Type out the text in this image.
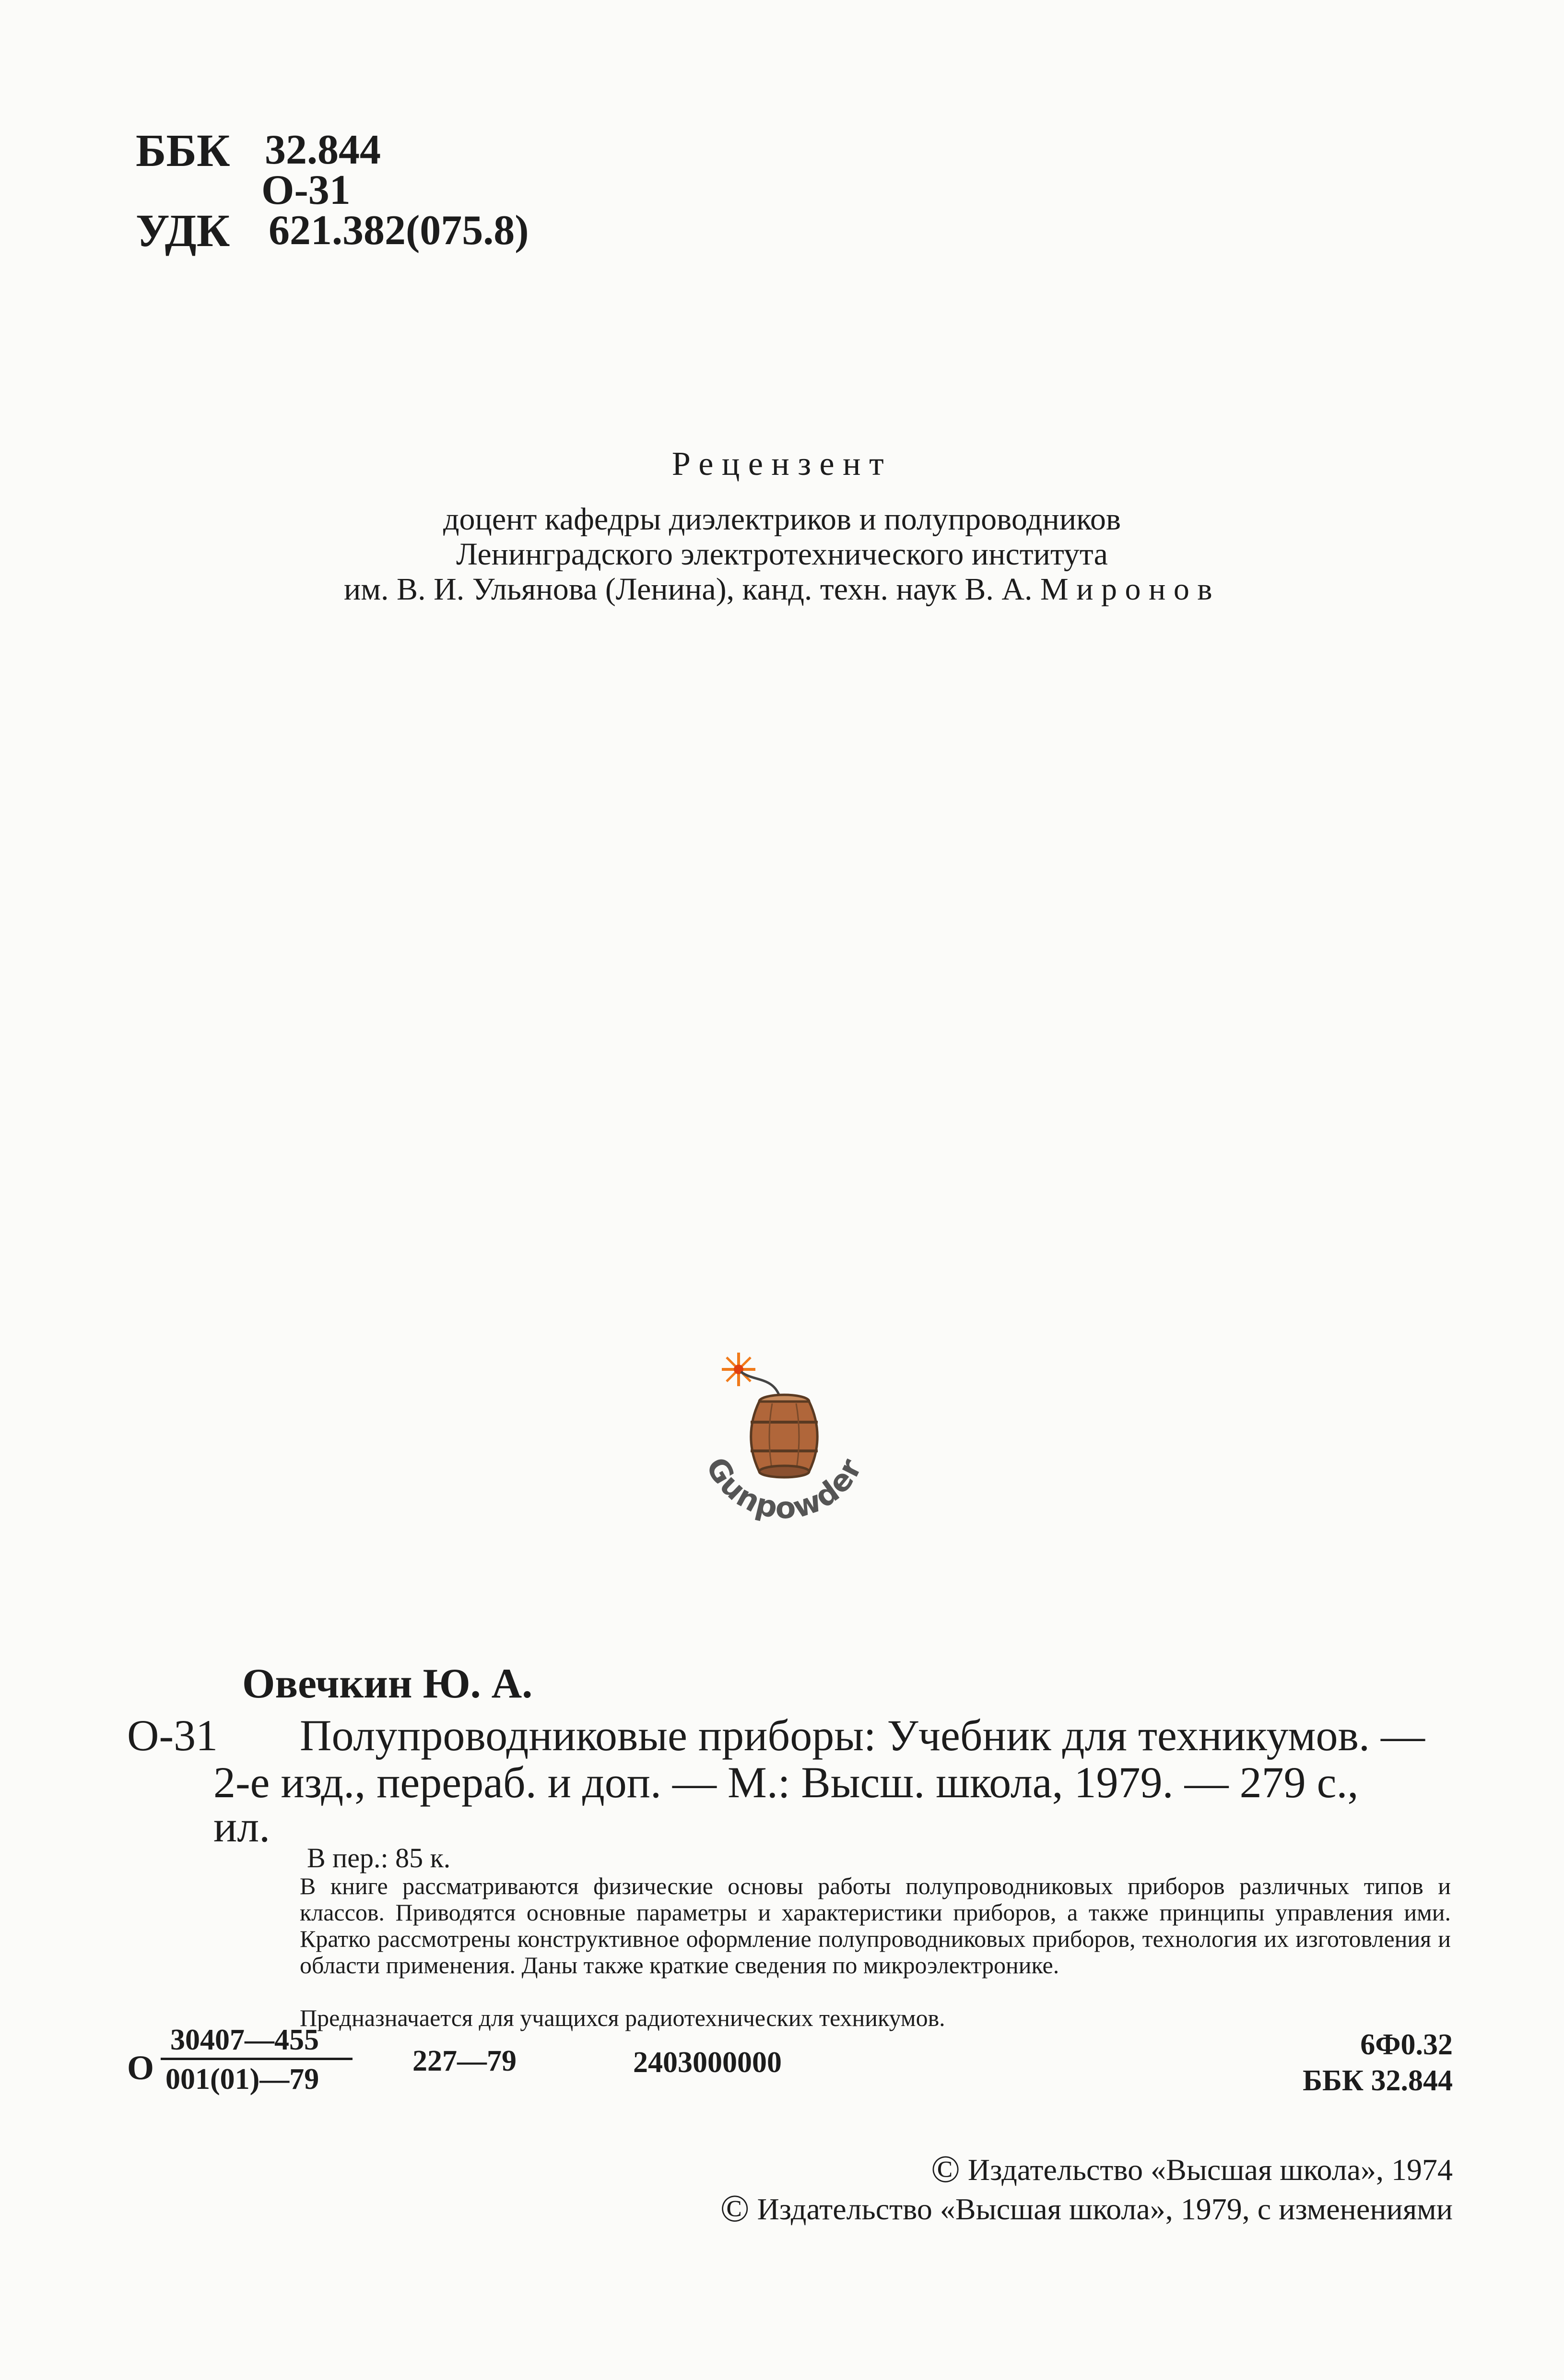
ББК 32.844
О-31
УДК 621.382(075.8)
Рецензент
доцент кафедры диэлектриков и полупроводников
Ленинградского электротехнического института
им. В. И. Ульянова (Ленина), канд. техн. наук В. А. Миронов
Gunpowder
Овечкин Ю. А.
О-31 Полупроводниковые приборы: Учебник для техникумов. —
2-е изд., перераб. и доп. — М.: Высш. школа, 1979. — 279 с.,
ил.
В пер.: 85 к.
В книге рассматриваются физические основы работы полупроводниковых приборов различных типов и классов. Приводятся основные параметры и характеристики приборов, а также принципы управления ими. Кратко рассмотрены конструктивное оформление полупроводниковых приборов, технология их изготовления и области применения. Даны также краткие сведения по микроэлектронике.
Предназначается для учащихся радиотехнических техникумов.
О
30407—455
001(01)—79
227—79	2403000000
6Ф0.32
ББК 32.844
© Издательство «Высшая школа», 1974
© Издательство «Высшая школа», 1979, с изменениями
